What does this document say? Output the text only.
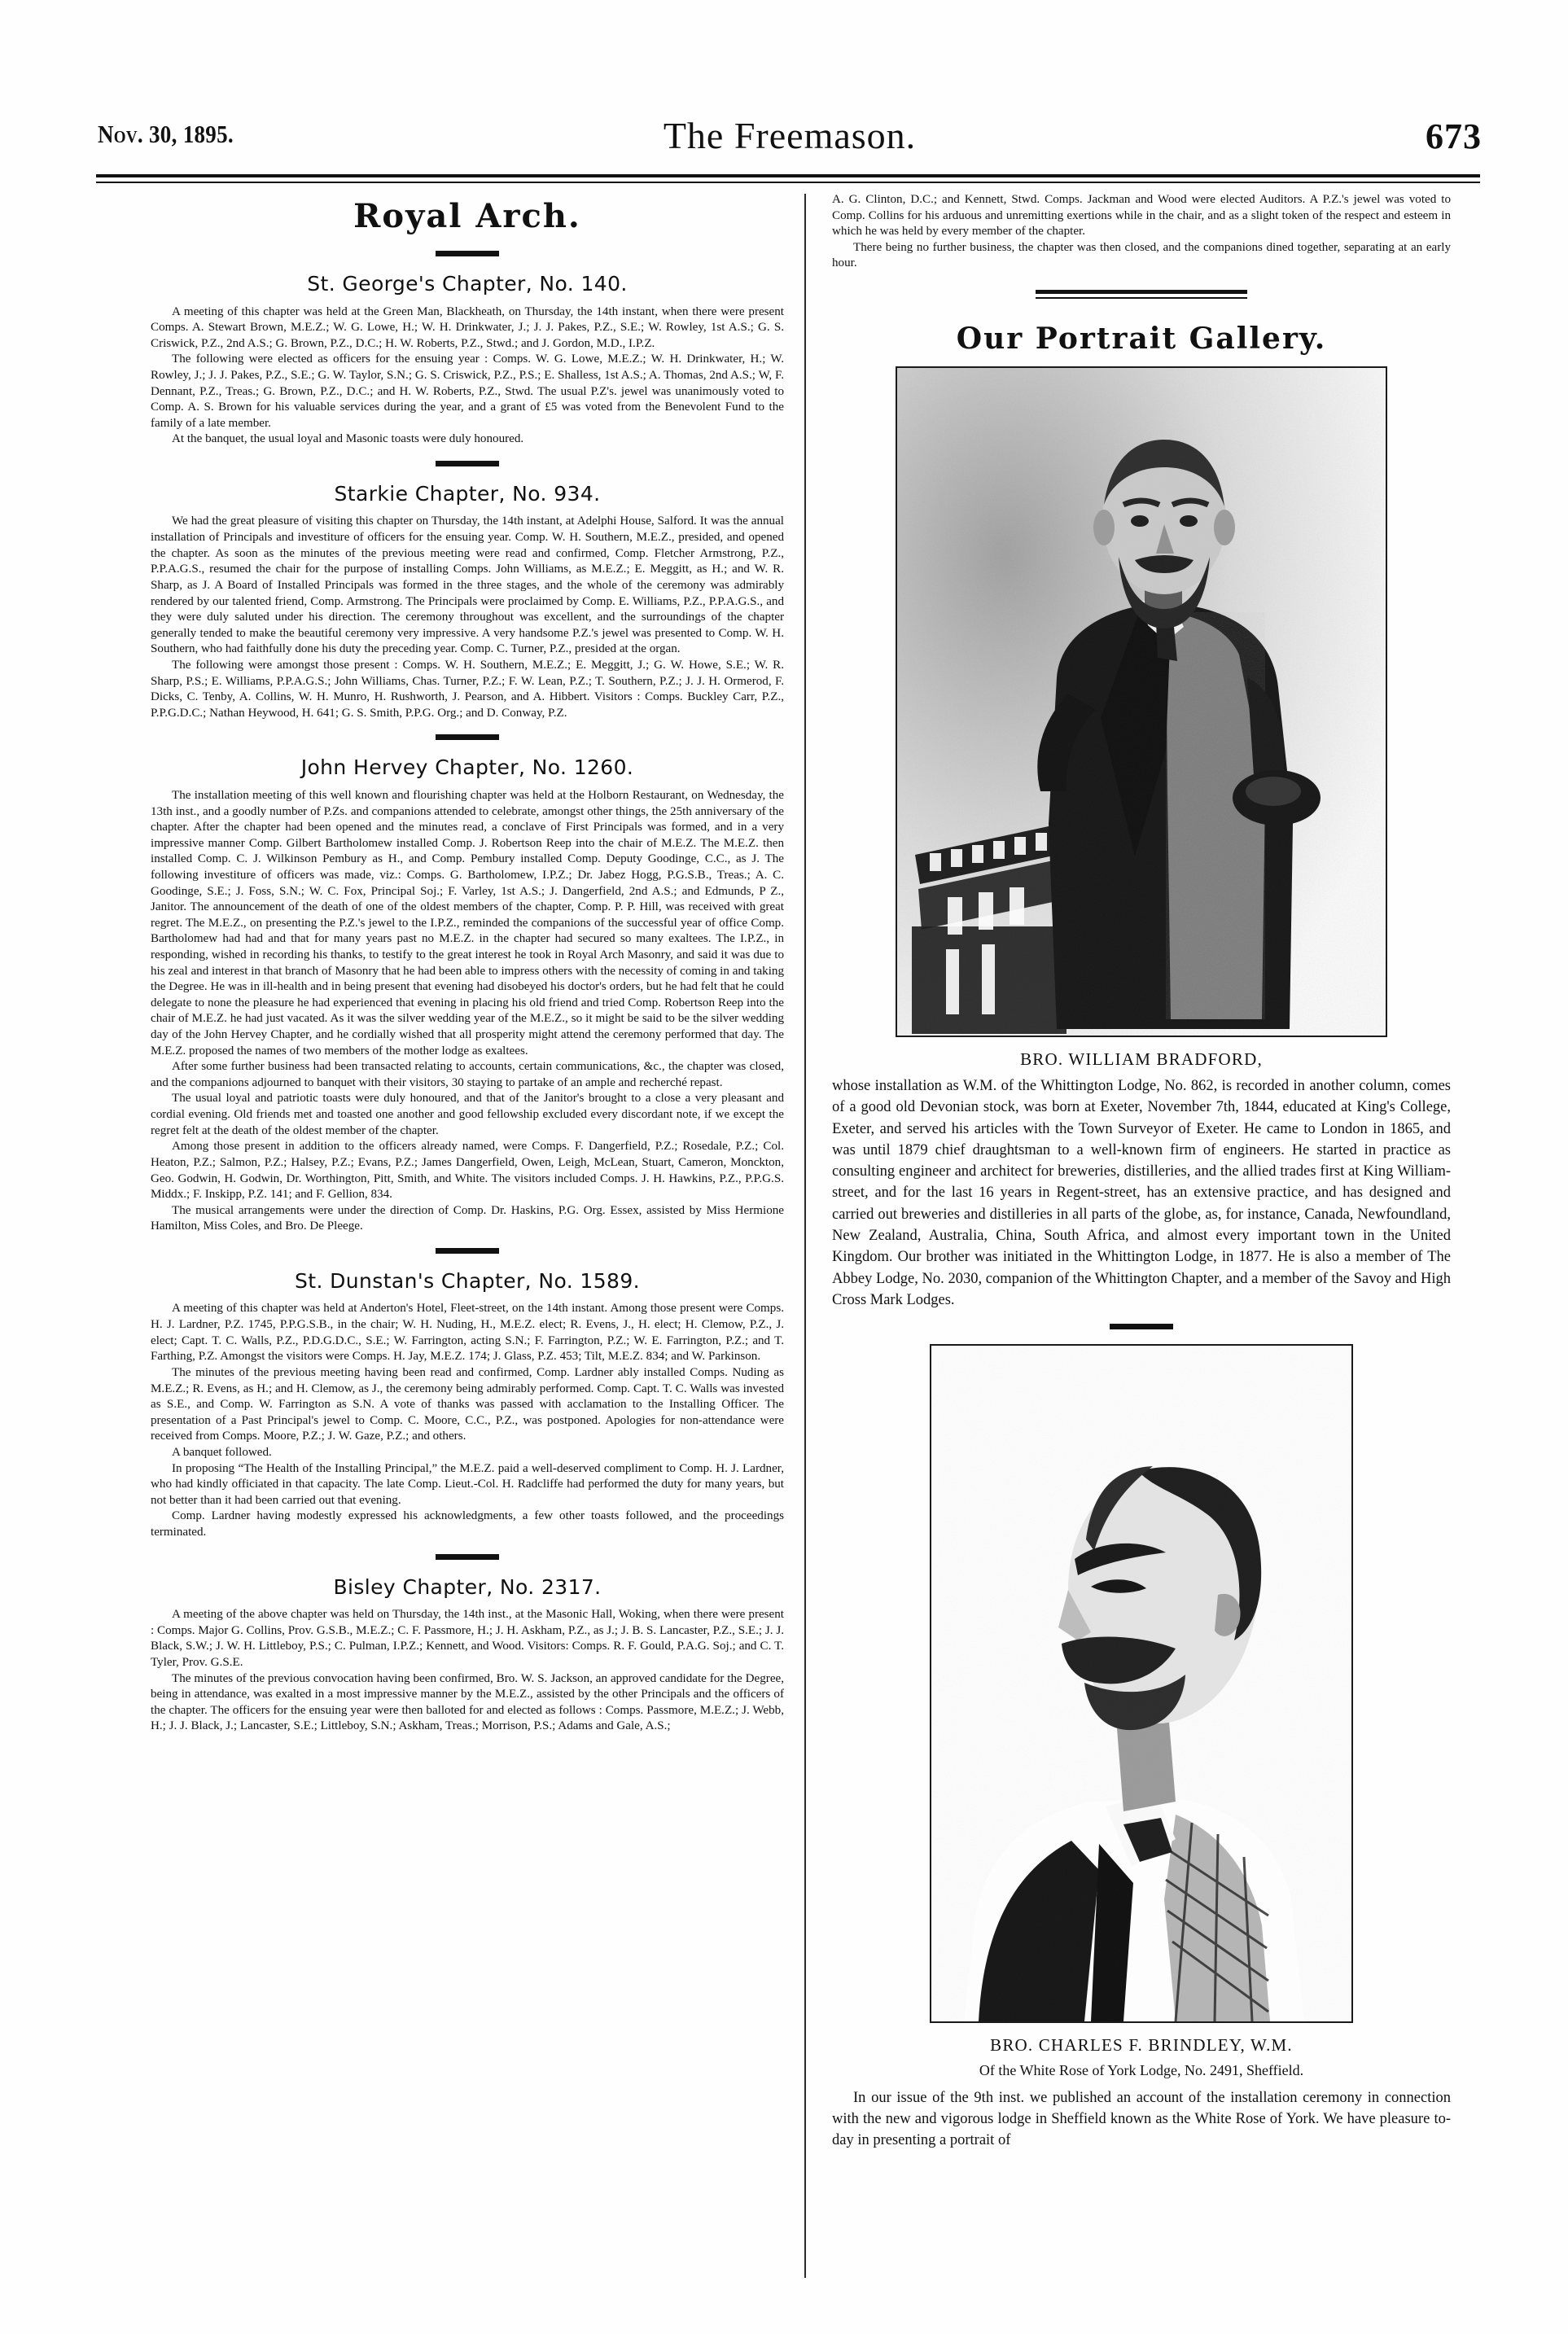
Nov. 30, 1895.	The Freemason.	673
Royal Arch.
St. George's Chapter, No. 140.

A meeting of this chapter was held at the Green Man, Blackheath, on Thursday, the 14th instant, when there were present Comps. A. Stewart Brown, M.E.Z.; W. G. Lowe, H.; W. H. Drinkwater, J.; J. J. Pakes, P.Z., S.E.; W. Rowley, 1st A.S.; G. S. Criswick, P.Z., 2nd A.S.; G. Brown, P.Z., D.C.; H. W. Roberts, P.Z., Stwd.; and J. Gordon, M.D., I.P.Z.

The following were elected as officers for the ensuing year : Comps. W. G. Lowe, M.E.Z.; W. H. Drinkwater, H.; W. Rowley, J.; J. J. Pakes, P.Z., S.E.; G. W. Taylor, S.N.; G. S. Criswick, P.Z., P.S.; E. Shalless, 1st A.S.; A. Thomas, 2nd A.S.; W, F. Dennant, P.Z., Treas.; G. Brown, P.Z., D.C.; and H. W. Roberts, P.Z., Stwd. The usual P.Z's. jewel was unanimously voted to Comp. A. S. Brown for his valuable services during the year, and a grant of £5 was voted from the Benevolent Fund to the family of a late member.

At the banquet, the usual loyal and Masonic toasts were duly honoured.

Starkie Chapter, No. 934.

We had the great pleasure of visiting this chapter on Thursday, the 14th instant, at Adelphi House, Salford. It was the annual installation of Principals and investiture of officers for the ensuing year. Comp. W. H. Southern, M.E.Z., presided, and opened the chapter. As soon as the minutes of the previous meeting were read and confirmed, Comp. Fletcher Armstrong, P.Z., P.P.A.G.S., resumed the chair for the purpose of installing Comps. John Williams, as M.E.Z.; E. Meggitt, as H.; and W. R. Sharp, as J. A Board of Installed Principals was formed in the three stages, and the whole of the ceremony was admirably rendered by our talented friend, Comp. Armstrong. The Principals were proclaimed by Comp. E. Williams, P.Z., P.P.A.G.S., and they were duly saluted under his direction. The ceremony throughout was excellent, and the surroundings of the chapter generally tended to make the beautiful ceremony very impressive. A very handsome P.Z.'s jewel was presented to Comp. W. H. Southern, who had faithfully done his duty the preceding year. Comp. C. Turner, P.Z., presided at the organ.

The following were amongst those present : Comps. W. H. Southern, M.E.Z.; E. Meggitt, J.; G. W. Howe, S.E.; W. R. Sharp, P.S.; E. Williams, P.P.A.G.S.; John Williams, Chas. Turner, P.Z.; F. W. Lean, P.Z.; T. Southern, P.Z.; J. J. H. Ormerod, F. Dicks, C. Tenby, A. Collins, W. H. Munro, H. Rushworth, J. Pearson, and A. Hibbert. Visitors : Comps. Buckley Carr, P.Z., P.P.G.D.C.; Nathan Heywood, H. 641; G. S. Smith, P.P.G. Org.; and D. Conway, P.Z.

John Hervey Chapter, No. 1260.

The installation meeting of this well known and flourishing chapter was held at the Holborn Restaurant, on Wednesday, the 13th inst., and a goodly number of P.Zs. and companions attended to celebrate, amongst other things, the 25th anniversary of the chapter. After the chapter had been opened and the minutes read, a conclave of First Principals was formed, and in a very impressive manner Comp. Gilbert Bartholomew installed Comp. J. Robertson Reep into the chair of M.E.Z. The M.E.Z. then installed Comp. C. J. Wilkinson Pembury as H., and Comp. Pembury installed Comp. Deputy Goodinge, C.C., as J. The following investiture of officers was made, viz.: Comps. G. Bartholomew, I.P.Z.; Dr. Jabez Hogg, P.G.S.B., Treas.; A. C. Goodinge, S.E.; J. Foss, S.N.; W. C. Fox, Principal Soj.; F. Varley, 1st A.S.; J. Dangerfield, 2nd A.S.; and Edmunds, P Z., Janitor. The announcement of the death of one of the oldest members of the chapter, Comp. P. P. Hill, was received with great regret. The M.E.Z., on presenting the P.Z.'s jewel to the I.P.Z., reminded the companions of the successful year of office Comp. Bartholomew had had and that for many years past no M.E.Z. in the chapter had secured so many exaltees. The I.P.Z., in responding, wished in recording his thanks, to testify to the great interest he took in Royal Arch Masonry, and said it was due to his zeal and interest in that branch of Masonry that he had been able to impress others with the necessity of coming in and taking the Degree. He was in ill-health and in being present that evening had disobeyed his doctor's orders, but he had felt that he could delegate to none the pleasure he had experienced that evening in placing his old friend and tried Comp. Robertson Reep into the chair of M.E.Z. he had just vacated. As it was the silver wedding year of the M.E.Z., so it might be said to be the silver wedding day of the John Hervey Chapter, and he cordially wished that all prosperity might attend the ceremony performed that day. The M.E.Z. proposed the names of two members of the mother lodge as exaltees.

After some further business had been transacted relating to accounts, certain communications, &c., the chapter was closed, and the companions adjourned to banquet with their visitors, 30 staying to partake of an ample and recherché repast.

The usual loyal and patriotic toasts were duly honoured, and that of the Janitor's brought to a close a very pleasant and cordial evening. Old friends met and toasted one another and good fellowship excluded every discordant note, if we except the regret felt at the death of the oldest member of the chapter.

Among those present in addition to the officers already named, were Comps. F. Dangerfield, P.Z.; Rosedale, P.Z.; Col. Heaton, P.Z.; Salmon, P.Z.; Halsey, P.Z.; Evans, P.Z.; James Dangerfield, Owen, Leigh, McLean, Stuart, Cameron, Monckton, Geo. Godwin, H. Godwin, Dr. Worthington, Pitt, Smith, and White. The visitors included Comps. J. H. Hawkins, P.Z., P.P.G.S. Middx.; F. Inskipp, P.Z. 141; and F. Gellion, 834.

The musical arrangements were under the direction of Comp. Dr. Haskins, P.G. Org. Essex, assisted by Miss Hermione Hamilton, Miss Coles, and Bro. De Pleege.

St. Dunstan's Chapter, No. 1589.

A meeting of this chapter was held at Anderton's Hotel, Fleet-street, on the 14th instant. Among those present were Comps. H. J. Lardner, P.Z. 1745, P.P.G.S.B., in the chair; W. H. Nuding, H., M.E.Z. elect; R. Evens, J., H. elect; H. Clemow, P.Z., J. elect; Capt. T. C. Walls, P.Z., P.D.G.D.C., S.E.; W. Farrington, acting S.N.; F. Farrington, P.Z.; W. E. Farrington, P.Z.; and T. Farthing, P.Z. Amongst the visitors were Comps. H. Jay, M.E.Z. 174; J. Glass, P.Z. 453; Tilt, M.E.Z. 834; and W. Parkinson.

The minutes of the previous meeting having been read and confirmed, Comp. Lardner ably installed Comps. Nuding as M.E.Z.; R. Evens, as H.; and H. Clemow, as J., the ceremony being admirably performed. Comp. Capt. T. C. Walls was invested as S.E., and Comp. W. Farrington as S.N. A vote of thanks was passed with acclamation to the Installing Officer. The presentation of a Past Principal's jewel to Comp. C. Moore, C.C., P.Z., was postponed. Apologies for non-attendance were received from Comps. Moore, P.Z.; J. W. Gaze, P.Z.; and others.

A banquet followed.

In proposing “The Health of the Installing Principal,” the M.E.Z. paid a well-deserved compliment to Comp. H. J. Lardner, who had kindly officiated in that capacity. The late Comp. Lieut.-Col. H. Radcliffe had performed the duty for many years, but not better than it had been carried out that evening.

Comp. Lardner having modestly expressed his acknowledgments, a few other toasts followed, and the proceedings terminated.

Bisley Chapter, No. 2317.

A meeting of the above chapter was held on Thursday, the 14th inst., at the Masonic Hall, Woking, when there were present : Comps. Major G. Collins, Prov. G.S.B., M.E.Z.; C. F. Passmore, H.; J. H. Askham, P.Z., as J.; J. B. S. Lancaster, P.Z., S.E.; J. J. Black, S.W.; J. W. H. Littleboy, P.S.; C. Pulman, I.P.Z.; Kennett, and Wood. Visitors: Comps. R. F. Gould, P.A.G. Soj.; and C. T. Tyler, Prov. G.S.E.

The minutes of the previous convocation having been confirmed, Bro. W. S. Jackson, an approved candidate for the Degree, being in attendance, was exalted in a most impressive manner by the M.E.Z., assisted by the other Principals and the officers of the chapter. The officers for the ensuing year were then balloted for and elected as follows : Comps. Passmore, M.E.Z.; J. Webb, H.; J. J. Black, J.; Lancaster, S.E.; Littleboy, S.N.; Askham, Treas.; Morrison, P.S.; Adams and Gale, A.S.;

A. G. Clinton, D.C.; and Kennett, Stwd. Comps. Jackman and Wood were elected Auditors. A P.Z.'s jewel was voted to Comp. Collins for his arduous and unremitting exertions while in the chair, and as a slight token of the respect and esteem in which he was held by every member of the chapter.

There being no further business, the chapter was then closed, and the companions dined together, separating at an early hour.

Our Portrait Gallery.
BRO. WILLIAM BRADFORD,

whose installation as W.M. of the Whittington Lodge, No. 862, is recorded in another column, comes of a good old Devonian stock, was born at Exeter, November 7th, 1844, educated at King's College, Exeter, and served his articles with the Town Surveyor of Exeter. He came to London in 1865, and was until 1879 chief draughtsman to a well-known firm of engineers. He started in practice as consulting engineer and architect for breweries, distilleries, and the allied trades first at King William-street, and for the last 16 years in Regent-street, has an extensive practice, and has designed and carried out breweries and distilleries in all parts of the globe, as, for instance, Canada, Newfoundland, New Zealand, Australia, China, South Africa, and almost every important town in the United Kingdom. Our brother was initiated in the Whittington Lodge, in 1877. He is also a member of The Abbey Lodge, No. 2030, companion of the Whittington Chapter, and a member of the Savoy and High Cross Mark Lodges.

BRO. CHARLES F. BRINDLEY, W.M.
Of the White Rose of York Lodge, No. 2491, Sheffield.

In our issue of the 9th inst. we published an account of the installation ceremony in connection with the new and vigorous lodge in Sheffield known as the White Rose of York. We have pleasure to-day in presenting a portrait of
